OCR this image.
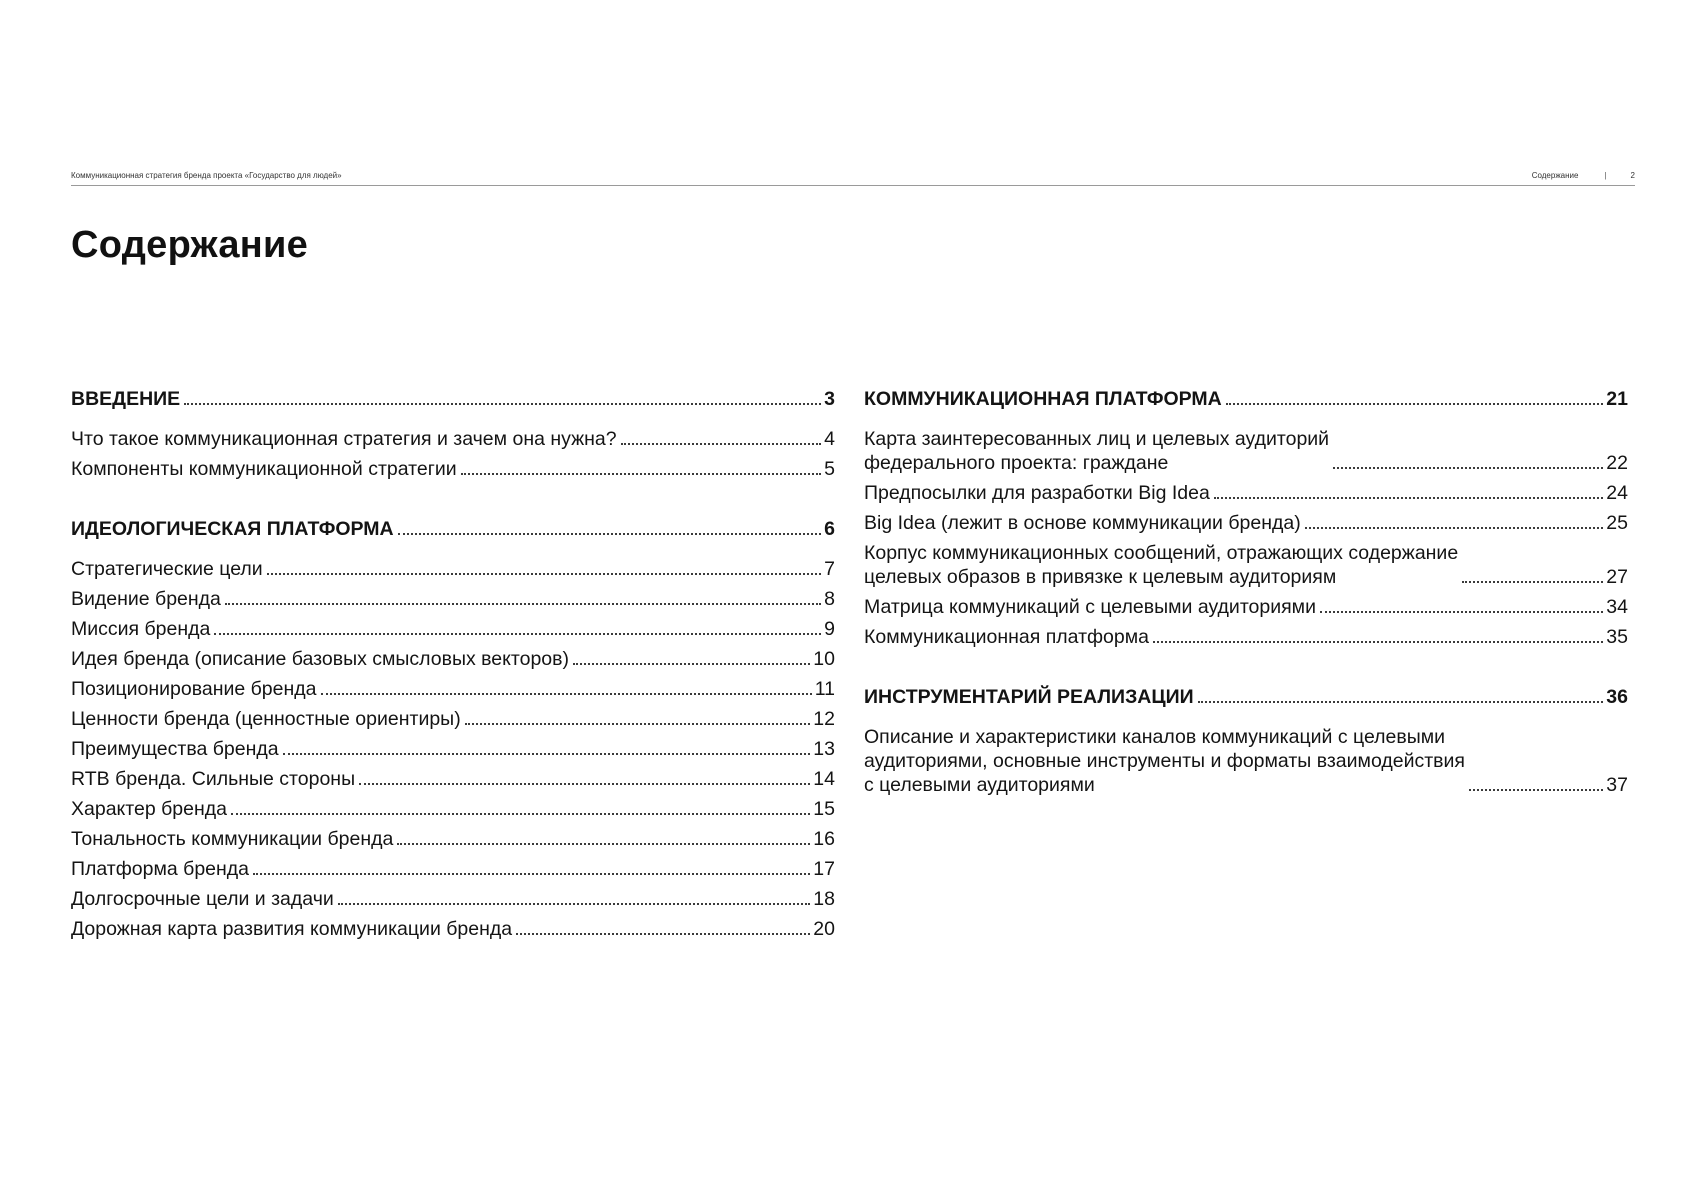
Коммуникационная стратегия бренда проекта «Государство для людей»	Содержание	|	2
Содержание
ВВЕДЕНИЕ	3
Что такое коммуникационная стратегия и зачем она нужна?	4
Компоненты коммуникационной стратегии	5
ИДЕОЛОГИЧЕСКАЯ ПЛАТФОРМА	6
Стратегические цели	7
Видение бренда	8
Миссия бренда	9
Идея бренда (описание базовых смысловых векторов)	10
Позиционирование бренда	11
Ценности бренда (ценностные ориентиры)	12
Преимущества бренда	13
RTB бренда. Сильные стороны	14
Характер бренда	15
Тональность коммуникации бренда	16
Платформа бренда	17
Долгосрочные цели и задачи	18
Дорожная карта развития коммуникации бренда	20
КОММУНИКАЦИОННАЯ ПЛАТФОРМА	21
Карта заинтересованных лиц и целевых аудиторий
федерального проекта: граждане	22
Предпосылки для разработки Big Idea	24
Big Idea (лежит в основе коммуникации бренда)	25
Корпус коммуникационных сообщений, отражающих содержание
целевых образов в привязке к целевым аудиториям	27
Матрица коммуникаций с целевыми аудиториями	34
Коммуникационная платформа	35
ИНСТРУМЕНТАРИЙ РЕАЛИЗАЦИИ	36
Описание и характеристики каналов коммуникаций с целевыми
аудиториями, основные инструменты и форматы взаимодействия
с целевыми аудиториями	37
